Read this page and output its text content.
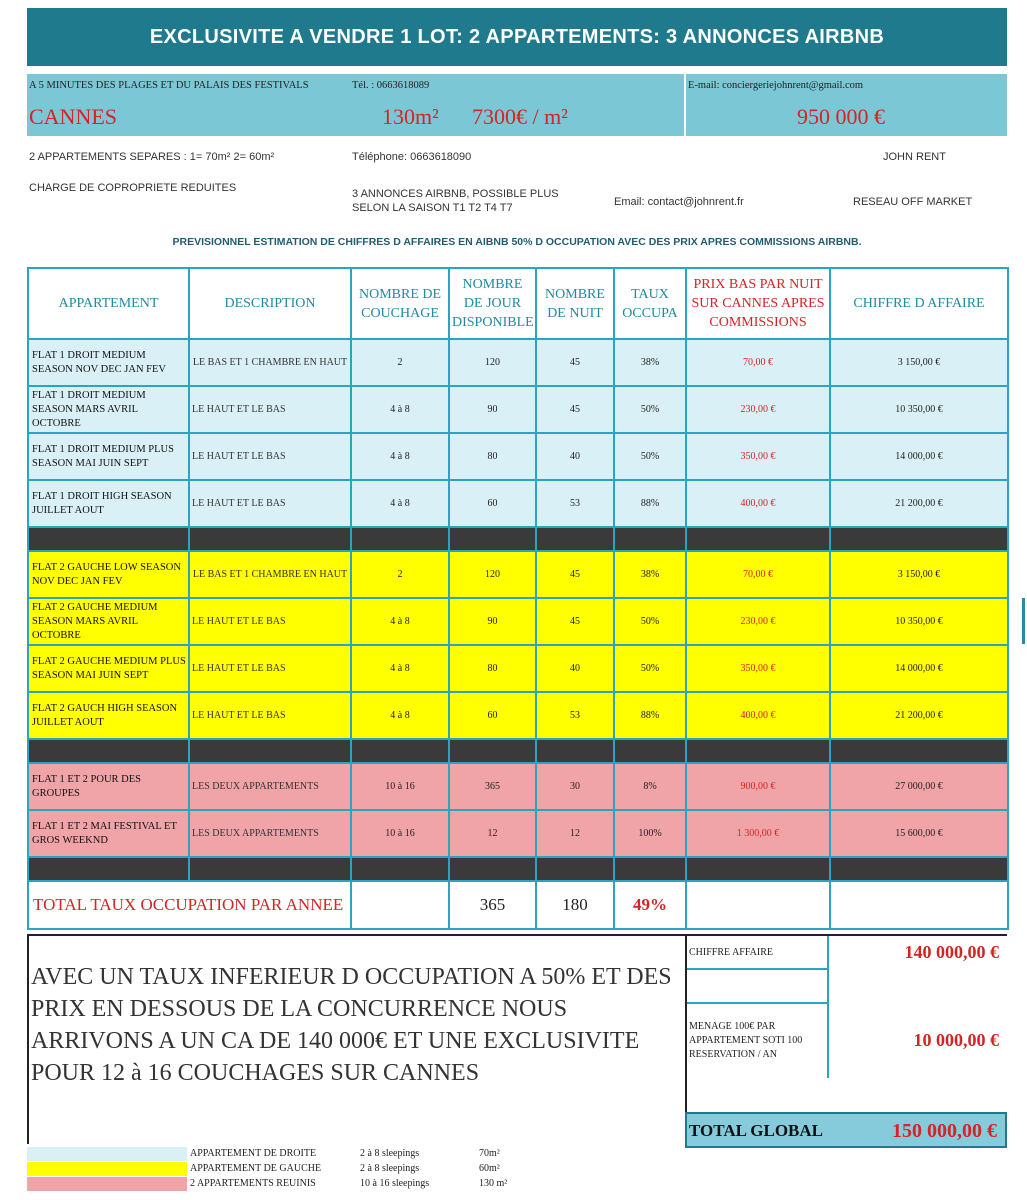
EXCLUSIVITE A VENDRE 1 LOT: 2 APPARTEMENTS: 3 ANNONCES AIRBNB
A 5 MINUTES DES PLAGES ET DU PALAIS DES FESTIVALS	Tél. : 0663618089	E-mail: conciergeriejohnrent@gmail.com
CANNES	130m² 7300€ / m²	950 000 €
2 APPARTEMENTS SEPARES : 1= 70m² 2= 60m²	Téléphone: 0663618090	JOHN RENT
CHARGE DE COPROPRIETE REDUITES	3 ANNONCES AIRBNB, POSSIBLE PLUS
SELON LA SAISON T1 T2 T4 T7	Email: contact@johnrent.fr	RESEAU OFF MARKET
PREVISIONNEL ESTIMATION DE CHIFFRES D AFFAIRES EN AIBNB 50% D OCCUPATION AVEC DES PRIX APRES COMMISSIONS AIRBNB.
APPARTEMENT	DESCRIPTION	NOMBRE DE COUCHAGE	NOMBRE DE JOUR DISPONIBLE	NOMBRE DE NUIT	TAUX OCCUPA	PRIX BAS PAR NUIT SUR CANNES APRES COMMISSIONS	CHIFFRE D AFFAIRE
FLAT 1 DROIT MEDIUM SEASON NOV DEC JAN FEV	LE BAS ET 1 CHAMBRE EN HAUT	2	120	45	38%	70,00 €	3 150,00 €
FLAT 1 DROIT MEDIUM SEASON MARS AVRIL OCTOBRE	LE HAUT ET LE BAS	4 à 8	90	45	50%	230,00 €	10 350,00 €
FLAT 1 DROIT MEDIUM PLUS SEASON MAI JUIN SEPT	LE HAUT ET LE BAS	4 à 8	80	40	50%	350,00 €	14 000,00 €
FLAT 1 DROIT HIGH SEASON JUILLET AOUT	LE HAUT ET LE BAS	4 à 8	60	53	88%	400,00 €	21 200,00 €

FLAT 2 GAUCHE LOW SEASON NOV DEC JAN FEV	LE BAS ET 1 CHAMBRE EN HAUT	2	120	45	38%	70,00 €	3 150,00 €
FLAT 2 GAUCHE MEDIUM SEASON MARS AVRIL OCTOBRE	LE HAUT ET LE BAS	4 à 8	90	45	50%	230,00 €	10 350,00 €
FLAT 2 GAUCHE MEDIUM PLUS SEASON MAI JUIN SEPT	LE HAUT ET LE BAS	4 à 8	80	40	50%	350,00 €	14 000,00 €
FLAT 2 GAUCH HIGH SEASON JUILLET AOUT	LE HAUT ET LE BAS	4 à 8	60	53	88%	400,00 €	21 200,00 €

FLAT 1 ET 2 POUR DES GROUPES	LES DEUX APPARTEMENTS	10 à 16	365	30	8%	900,00 €	27 000,00 €
FLAT 1 ET 2 MAI FESTIVAL ET GROS WEEKND	LES DEUX APPARTEMENTS	10 à 16	12	12	100%	1 300,00 €	15 600,00 €

TOTAL TAUX OCCUPATION PAR ANNEE			365	180	49%		

AVEC UN TAUX INFERIEUR D OCCUPATION A 50% ET DES PRIX EN DESSOUS DE LA CONCURRENCE NOUS ARRIVONS A UN CA DE 140 000€ ET UNE EXCLUSIVITE POUR 12 à 16 COUCHAGES SUR CANNES

CHIFFRE AFFAIRE	140 000,00 €
MENAGE 100€ PAR APPARTEMENT SOTI 100 RESERVATION / AN
10 000,00 €
TOTAL GLOBAL	150 000,00 €
APPARTEMENT DE DROITE	2 à 8 sleepings	70m²
APPARTEMENT DE GAUCHE	2 à 8 sleepings	60m²
2 APPARTEMENTS REUINIS	10 à 16 sleepings	130 m²
